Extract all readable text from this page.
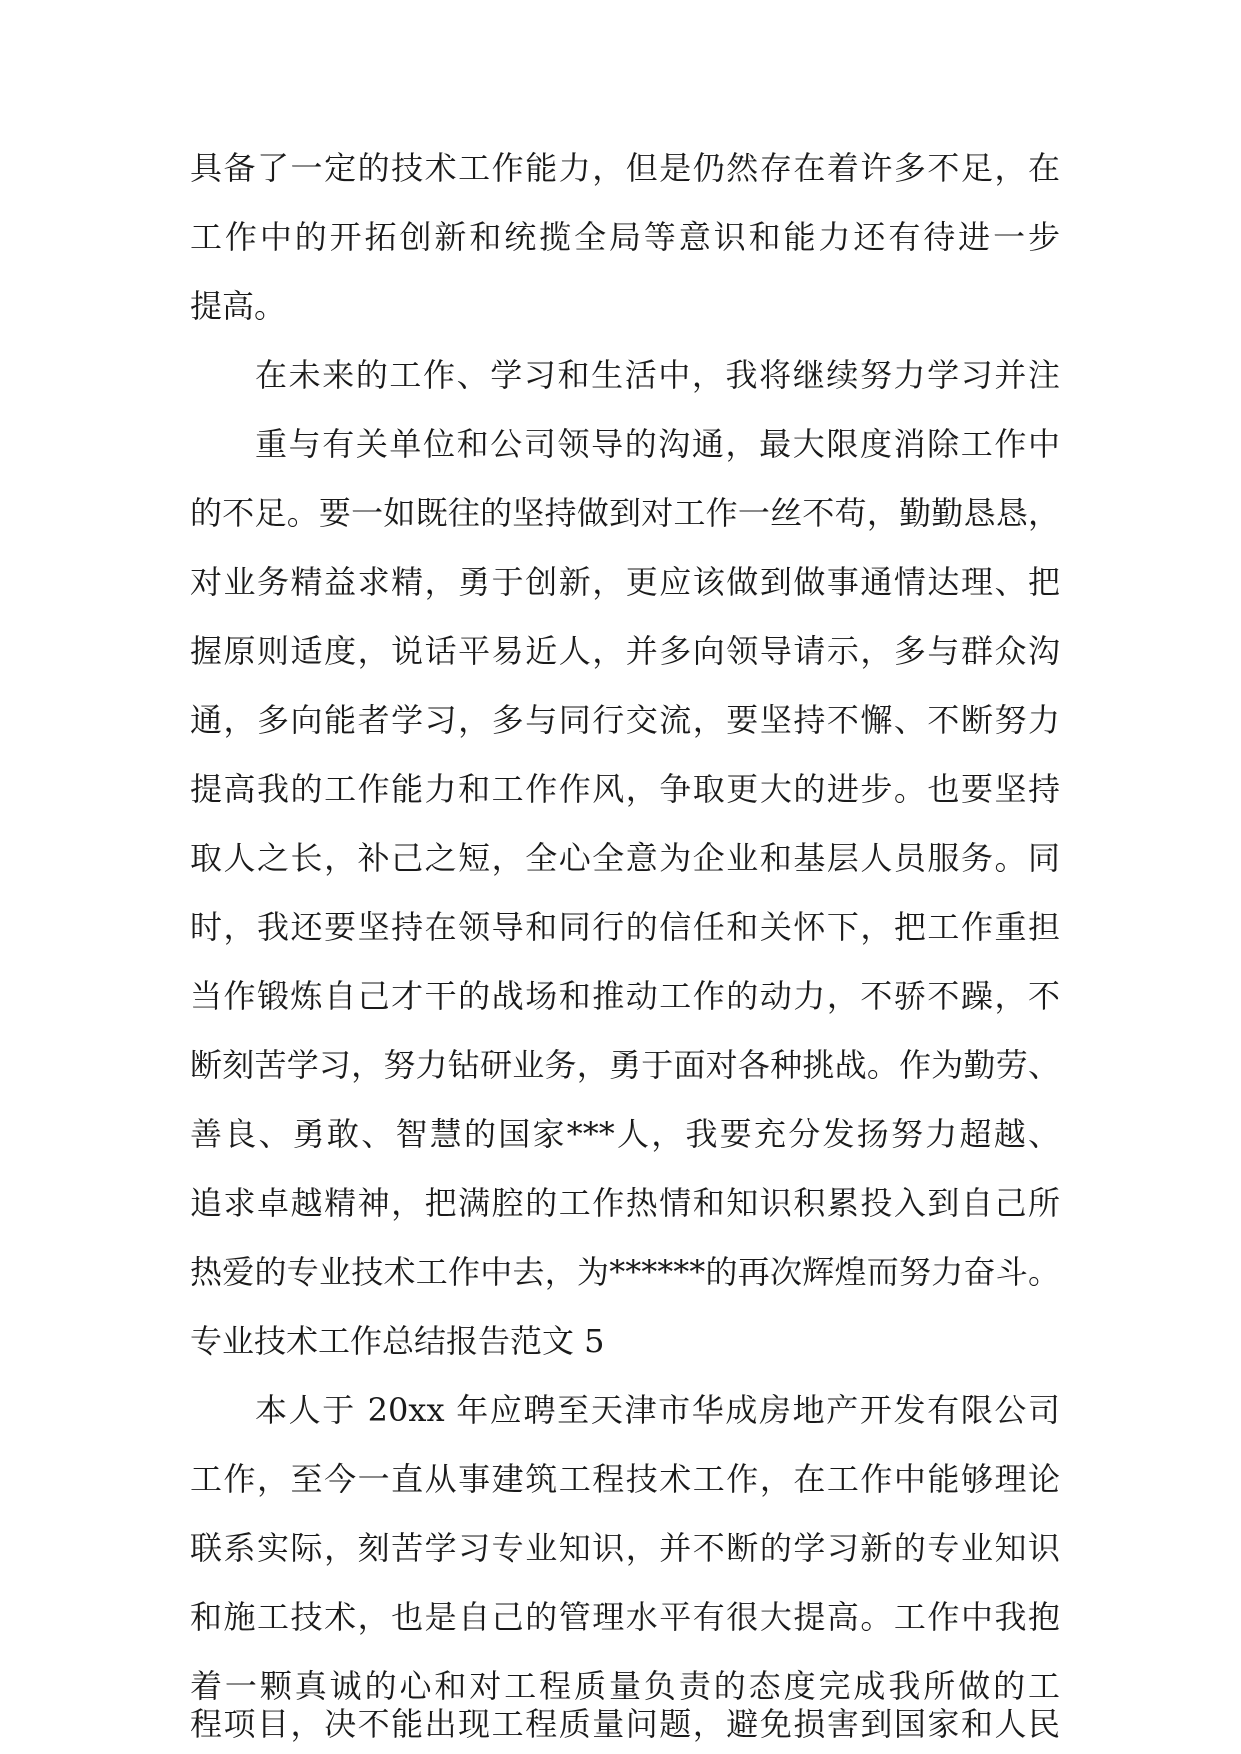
具备了一定的技术工作能力，但是仍然存在着许多不足，在
工作中的开拓创新和统揽全局等意识和能力还有待进一步
提高。
在未来的工作、学习和生活中，我将继续努力学习并注
重与有关单位和公司领导的沟通，最大限度消除工作中
的不足。要一如既往的坚持做到对工作一丝不苟，勤勤恳恳，
对业务精益求精，勇于创新，更应该做到做事通情达理、把
握原则适度，说话平易近人，并多向领导请示，多与群众沟
通，多向能者学习，多与同行交流，要坚持不懈、不断努力
提高我的工作能力和工作作风，争取更大的进步。也要坚持
取人之长，补己之短，全心全意为企业和基层人员服务。同
时，我还要坚持在领导和同行的信任和关怀下，把工作重担
当作锻炼自己才干的战场和推动工作的动力，不骄不躁，不
断刻苦学习，努力钻研业务，勇于面对各种挑战。作为勤劳、
善良、勇敢、智慧的国家***人，我要充分发扬努力超越、
追求卓越精神，把满腔的工作热情和知识积累投入到自己所
热爱的专业技术工作中去，为******的再次辉煌而努力奋斗。
专业技术工作总结报告范文 5
本人于 20xx 年应聘至天津市华成房地产开发有限公司
工作，至今一直从事建筑工程技术工作，在工作中能够理论
联系实际，刻苦学习专业知识，并不断的学习新的专业知识
和施工技术，也是自己的管理水平有很大提高。工作中我抱
着一颗真诚的心和对工程质量负责的态度完成我所做的工
程项目，决不能出现工程质量问题，避免损害到国家和人民
